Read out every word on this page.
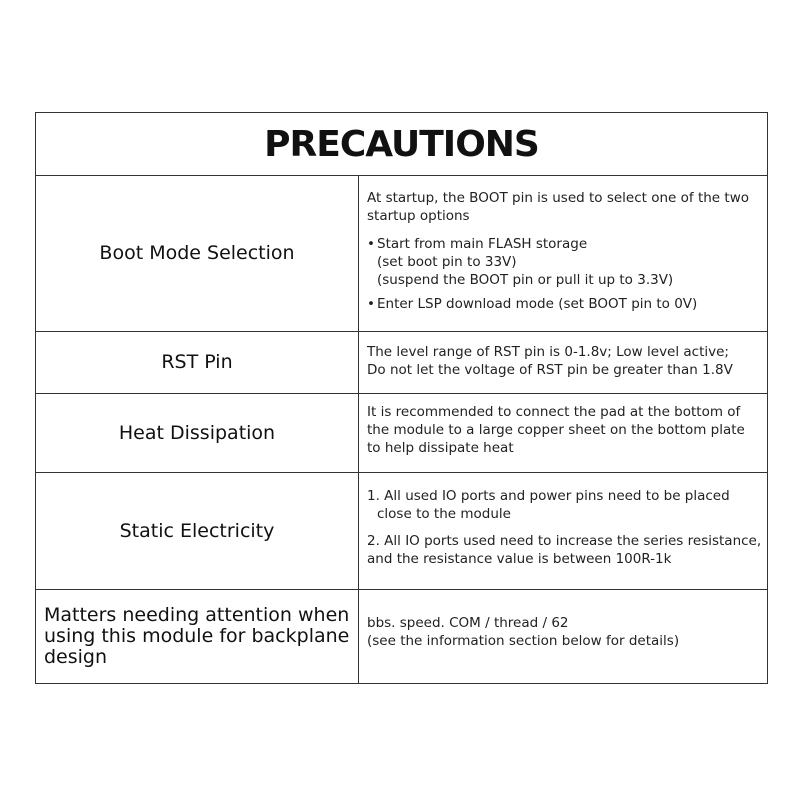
PRECAUTIONS
Boot Mode Selection
At startup, the BOOT pin is used to select one of the two
startup options
• Start from main FLASH storage
(set boot pin to 33V)
(suspend the BOOT pin or pull it up to 3.3V)
• Enter LSP download mode (set BOOT pin to 0V)
RST Pin	The level range of RST pin is 0-1.8v; Low level active;
Do not let the voltage of RST pin be greater than 1.8V
Heat Dissipation
It is recommended to connect the pad at the bottom of
the module to a large copper sheet on the bottom plate
to help dissipate heat
Static Electricity
1. All used IO ports and power pins need to be placed
close to the module
2. All IO ports used need to increase the series resistance,
and the resistance value is between 100R-1k
Matters needing attention when
using this module for backplane
design
bbs. speed. COM / thread / 62
(see the information section below for details)
